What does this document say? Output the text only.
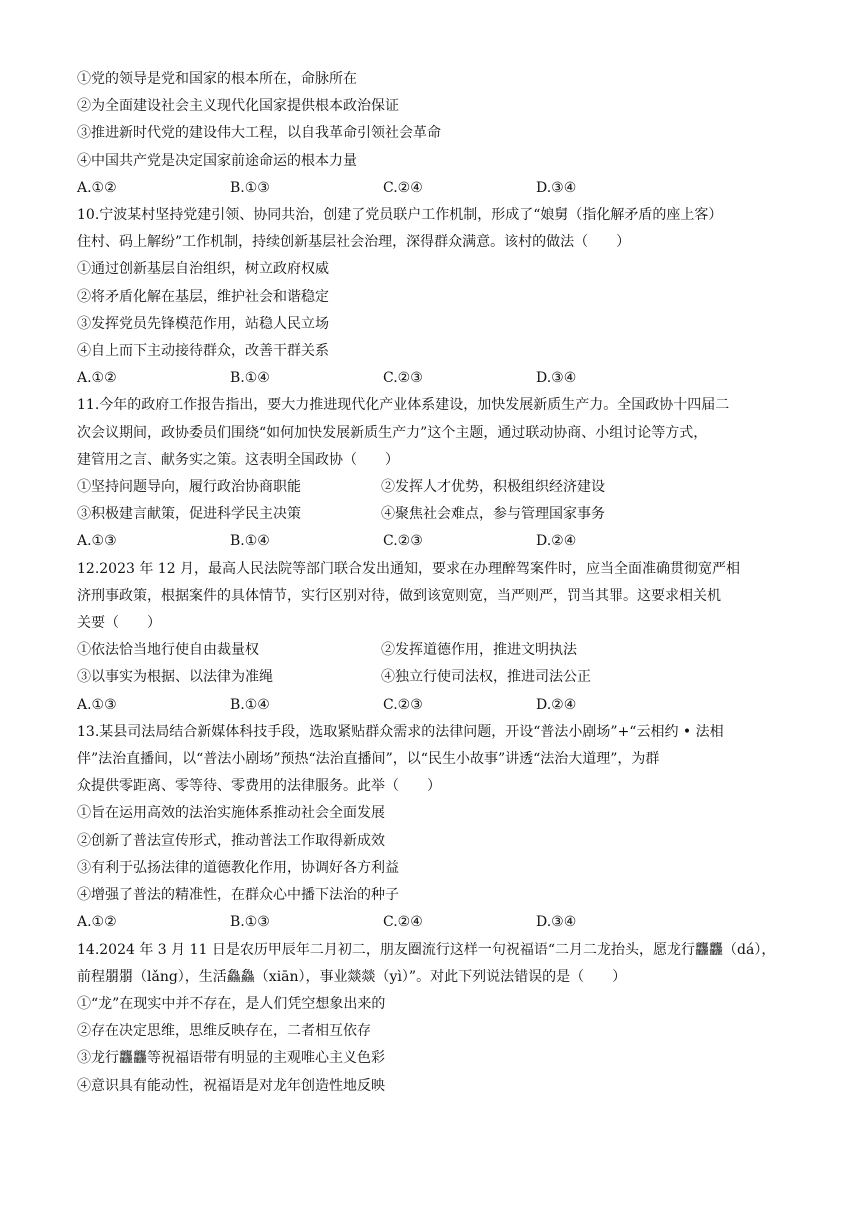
①党的领导是党和国家的根本所在，命脉所在
②为全面建设社会主义现代化国家提供根本政治保证
③推进新时代党的建设伟大工程，以自我革命引领社会革命
④中国共产党是决定国家前途命运的根本力量
A.①②	B.①③	C.②④	D.③④
10.宁波某村坚持党建引领、协同共治，创建了党员联户工作机制，形成了“娘舅（指化解矛盾的座上客）
住村、码上解纷”工作机制，持续创新基层社会治理，深得群众满意。该村的做法（　　）
①通过创新基层自治组织，树立政府权威
②将矛盾化解在基层，维护社会和谐稳定
③发挥党员先锋模范作用，站稳人民立场
④自上而下主动接待群众，改善干群关系
A.①②	B.①④	C.②③	D.③④
11.今年的政府工作报告指出，要大力推进现代化产业体系建设，加快发展新质生产力。全国政协十四届二
次会议期间，政协委员们围绕“如何加快发展新质生产力”这个主题，通过联动协商、小组讨论等方式，
建管用之言、献务实之策。这表明全国政协（　　）
①坚持问题导向，履行政治协商职能	②发挥人才优势，积极组织经济建设
③积极建言献策，促进科学民主决策	④聚焦社会难点，参与管理国家事务
A.①③	B.①④	C.②③	D.②④
12.2023 年 12 月，最高人民法院等部门联合发出通知，要求在办理醉驾案件时，应当全面准确贯彻宽严相
济刑事政策，根据案件的具体情节，实行区别对待，做到该宽则宽，当严则严，罚当其罪。这要求相关机
关要（　　）
①依法恰当地行使自由裁量权	②发挥道德作用，推进文明执法
③以事实为根据、以法律为准绳	④独立行使司法权，推进司法公正
A.①③	B.①④	C.②③	D.②④
13.某县司法局结合新媒体科技手段，选取紧贴群众需求的法律问题，开设“普法小剧场”+“云相约 • 法相
伴”法治直播间，以“普法小剧场”预热“法治直播间”，以“民生小故事”讲透“法治大道理”，为群
众提供零距离、零等待、零费用的法律服务。此举（　　）
①旨在运用高效的法治实施体系推动社会全面发展
②创新了普法宣传形式，推动普法工作取得新成效
③有利于弘扬法律的道德教化作用，协调好各方利益
④增强了普法的精准性，在群众心中播下法治的种子
A.①②	B.①③	C.②④	D.③④
14.2024 年 3 月 11 日是农历甲辰年二月初二，朋友圈流行这样一句祝福语“二月二龙抬头，愿龙行龘龘（dá），
前程朤朤（lǎng），生活鱻鱻（xiān），事业燚燚（yì）”。对此下列说法错误的是（　　）
①“龙”在现实中并不存在，是人们凭空想象出来的
②存在决定思维，思维反映存在，二者相互依存
③龙行龘龘等祝福语带有明显的主观唯心主义色彩
④意识具有能动性，祝福语是对龙年创造性地反映
